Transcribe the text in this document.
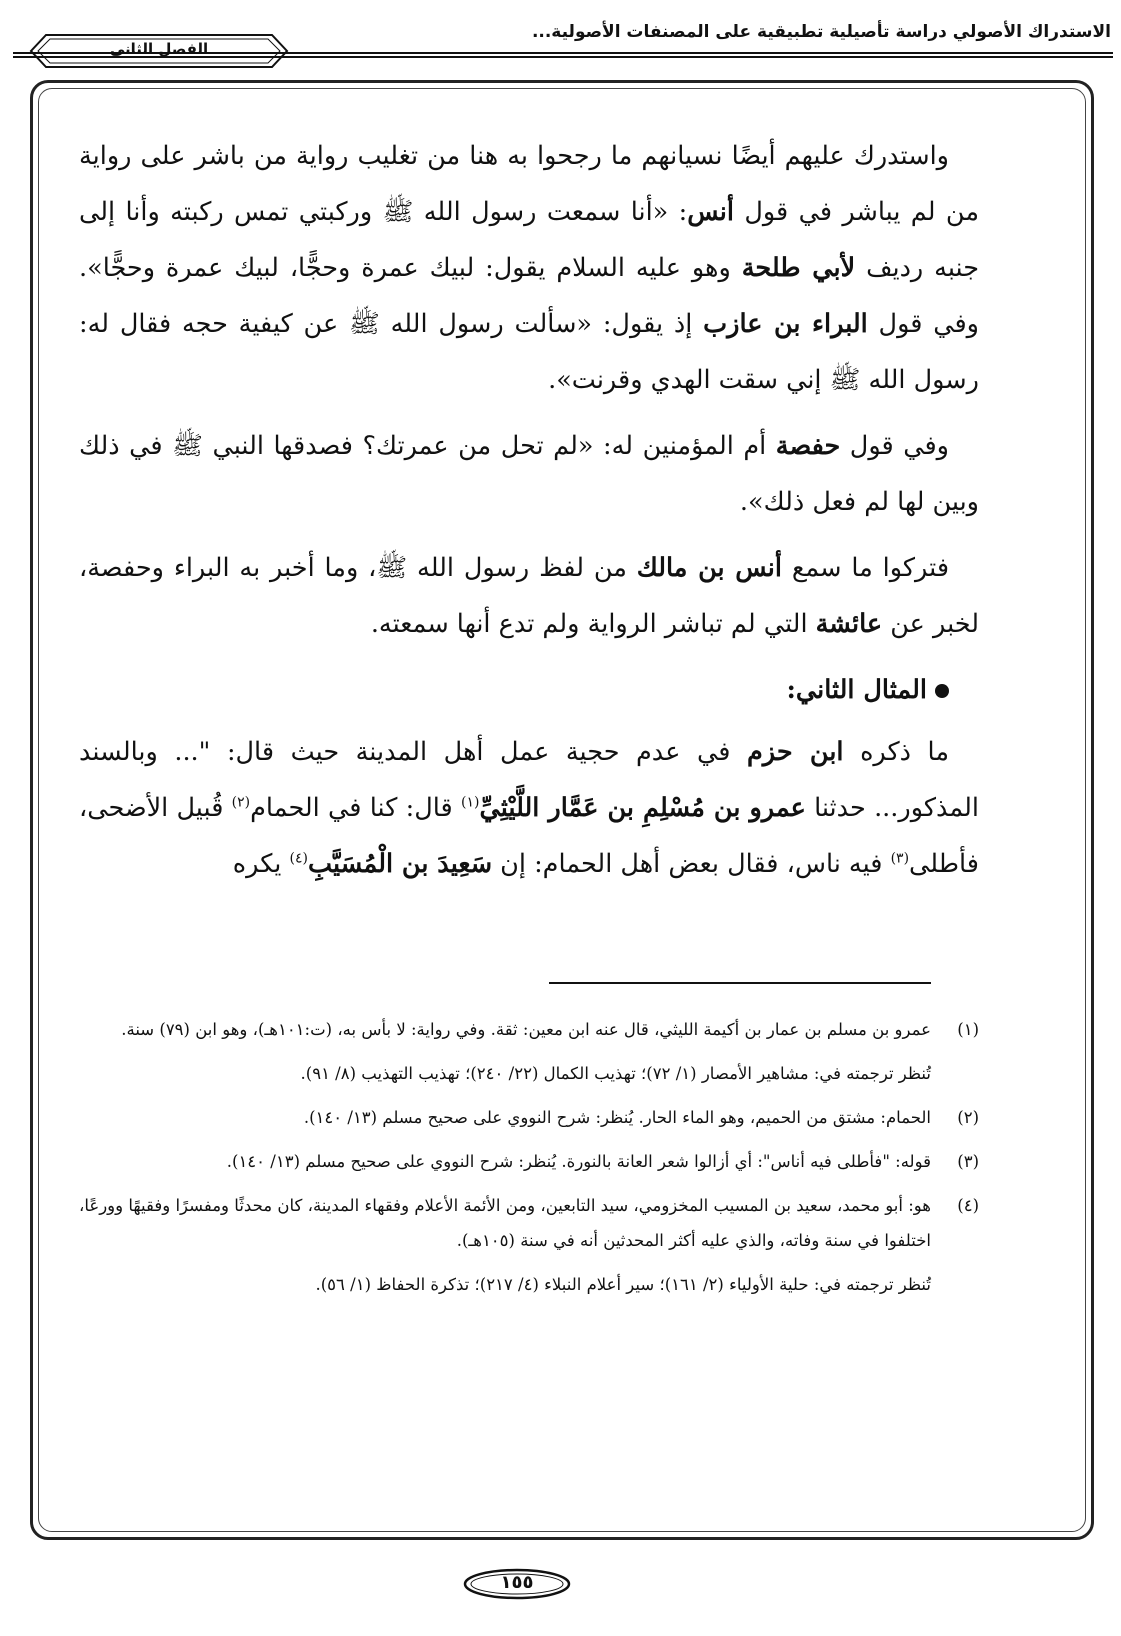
الاستدراك الأصولي دراسة تأصيلية تطبيقية على المصنفات الأصولية...
الفصل الثاني

واستدرك عليهم أيضًا نسيانهم ما رجحوا به هنا من تغليب رواية من باشر على رواية من لم يباشر في قول أنس: «أنا سمعت رسول الله ﷺ وركبتي تمس ركبته وأنا إلى جنبه رديف لأبي طلحة وهو عليه السلام يقول: لبيك عمرة وحجًّا، لبيك عمرة وحجًّا». وفي قول البراء بن عازب إذ يقول: «سألت رسول الله ﷺ عن كيفية حجه فقال له: رسول الله ﷺ إني سقت الهدي وقرنت».

وفي قول حفصة أم المؤمنين له: «لم تحل من عمرتك؟ فصدقها النبي ﷺ في ذلك وبين لها لم فعل ذلك».

فتركوا ما سمع أنس بن مالك من لفظ رسول الله ﷺ، وما أخبر به البراء وحفصة، لخبر عن عائشة التي لم تباشر الرواية ولم تدع أنها سمعته.

المثال الثاني:

ما ذكره ابن حزم في عدم حجية عمل أهل المدينة حيث قال: "... وبالسند المذكور... حدثنا عمرو بن مُسْلِمِ بن عَمَّار اللَّيْثِيِّ$^{(١)}$ قال: كنا في الحمام$^{(٢)}$ قُبيل الأضحى، فأطلى$^{(٣)}$ فيه ناس، فقال بعض أهل الحمام: إن سَعِيدَ بن الْمُسَيَّبِ$^{(٤)}$ يكره

(١)
عمرو بن مسلم بن عمار بن أكيمة الليثي، قال عنه ابن معين: ثقة. وفي رواية: لا بأس به، (ت:١٠١هـ)، وهو ابن (٧٩) سنة.
تُنظر ترجمته في: مشاهير الأمصار (١/ ٧٢)؛ تهذيب الكمال (٢٢/ ٢٤٠)؛ تهذيب التهذيب (٨/ ٩١).
(٢)
الحمام: مشتق من الحميم، وهو الماء الحار. يُنظر: شرح النووي على صحيح مسلم (١٣/ ١٤٠).
(٣)
قوله: "فأطلى فيه أناس": أي أزالوا شعر العانة بالنورة. يُنظر: شرح النووي على صحيح مسلم (١٣/ ١٤٠).
(٤)
هو: أبو محمد، سعيد بن المسيب المخزومي، سيد التابعين، ومن الأئمة الأعلام وفقهاء المدينة، كان محدثًا ومفسرًا وفقيهًا وورعًا، اختلفوا في سنة وفاته، والذي عليه أكثر المحدثين أنه في سنة (١٠٥هـ).
تُنظر ترجمته في: حلية الأولياء (٢/ ١٦١)؛ سير أعلام النبلاء (٤/ ٢١٧)؛ تذكرة الحفاظ (١/ ٥٦).
١٥٥
